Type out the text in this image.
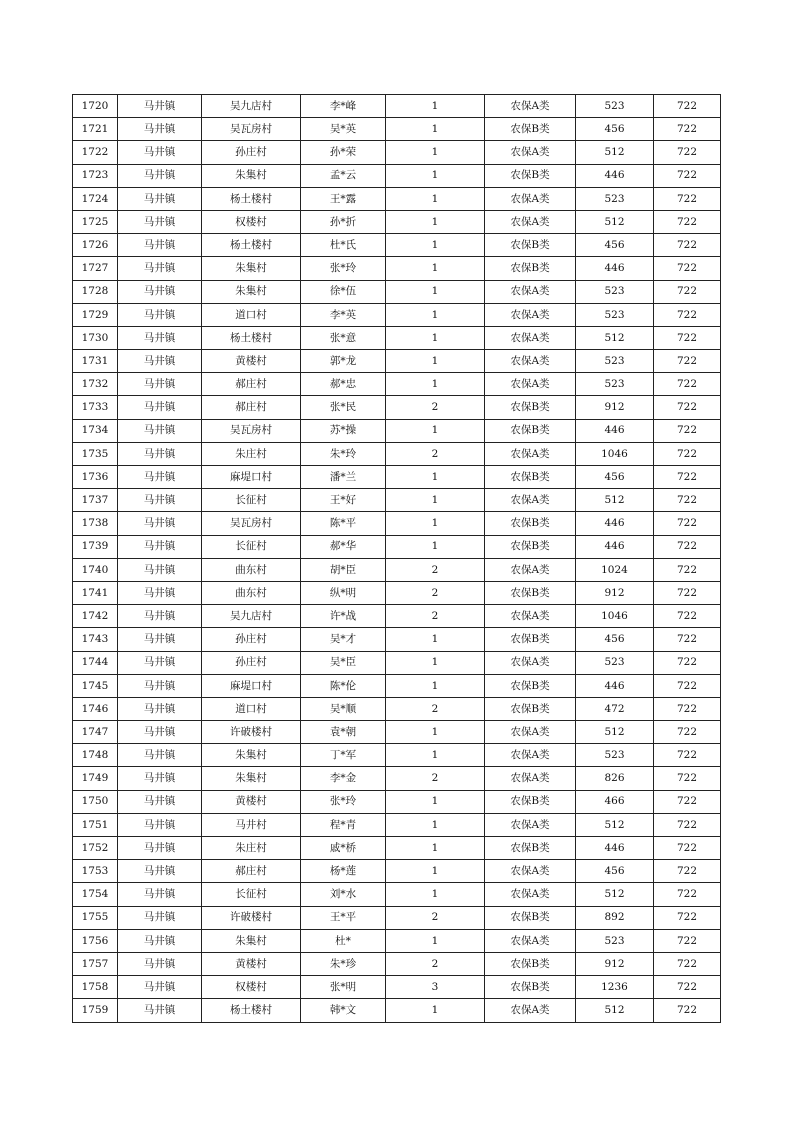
1720	马井镇	吴九店村	李*峰	1	农保A类	523	722
1721	马井镇	吴瓦房村	吴*英	1	农保B类	456	722
1722	马井镇	孙庄村	孙*荣	1	农保A类	512	722
1723	马井镇	朱集村	孟*云	1	农保B类	446	722
1724	马井镇	杨土楼村	王*露	1	农保A类	523	722
1725	马井镇	权楼村	孙*折	1	农保A类	512	722
1726	马井镇	杨土楼村	杜*氏	1	农保B类	456	722
1727	马井镇	朱集村	张*玲	1	农保B类	446	722
1728	马井镇	朱集村	徐*伍	1	农保A类	523	722
1729	马井镇	道口村	李*英	1	农保A类	523	722
1730	马井镇	杨土楼村	张*意	1	农保A类	512	722
1731	马井镇	黄楼村	郭*龙	1	农保A类	523	722
1732	马井镇	郝庄村	郝*忠	1	农保A类	523	722
1733	马井镇	郝庄村	张*民	2	农保B类	912	722
1734	马井镇	吴瓦房村	苏*操	1	农保B类	446	722
1735	马井镇	朱庄村	朱*玲	2	农保A类	1046	722
1736	马井镇	麻堤口村	潘*兰	1	农保B类	456	722
1737	马井镇	长征村	王*好	1	农保A类	512	722
1738	马井镇	吴瓦房村	陈*平	1	农保B类	446	722
1739	马井镇	长征村	郝*华	1	农保B类	446	722
1740	马井镇	曲东村	胡*臣	2	农保A类	1024	722
1741	马井镇	曲东村	纵*明	2	农保B类	912	722
1742	马井镇	吴九店村	许*战	2	农保A类	1046	722
1743	马井镇	孙庄村	吴*才	1	农保B类	456	722
1744	马井镇	孙庄村	吴*臣	1	农保A类	523	722
1745	马井镇	麻堤口村	陈*伦	1	农保B类	446	722
1746	马井镇	道口村	吴*顺	2	农保B类	472	722
1747	马井镇	许破楼村	袁*朝	1	农保A类	512	722
1748	马井镇	朱集村	丁*军	1	农保A类	523	722
1749	马井镇	朱集村	李*金	2	农保A类	826	722
1750	马井镇	黄楼村	张*玲	1	农保B类	466	722
1751	马井镇	马井村	程*青	1	农保A类	512	722
1752	马井镇	朱庄村	戚*桥	1	农保B类	446	722
1753	马井镇	郝庄村	杨*莲	1	农保A类	456	722
1754	马井镇	长征村	刘*水	1	农保A类	512	722
1755	马井镇	许破楼村	王*平	2	农保B类	892	722
1756	马井镇	朱集村	杜*	1	农保A类	523	722
1757	马井镇	黄楼村	朱*珍	2	农保B类	912	722
1758	马井镇	权楼村	张*明	3	农保B类	1236	722
1759	马井镇	杨土楼村	韩*文	1	农保A类	512	722
